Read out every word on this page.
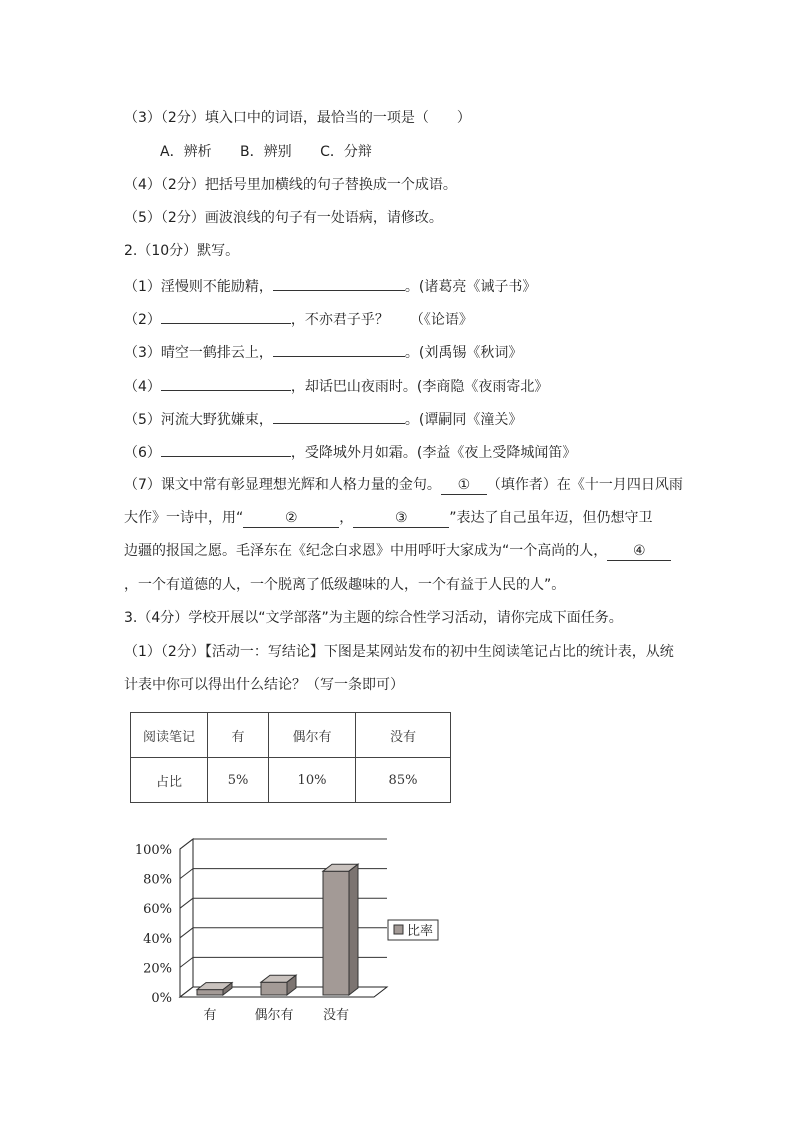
（3）（2分）填入口中的词语，最恰当的一项是（　　）
A．辨析 B．辨别 C．分辩
（4）（2分）把括号里加横线的句子替换成一个成语。
（5）（2分）画波浪线的句子有一处语病，请修改。
2.（10分）默写。
（1）淫慢则不能励精，	。(诸葛亮《诫子书》
（2）	，不亦君子乎？　　（《论语》
（3）晴空一鹤排云上，	。(刘禹锡《秋词》
（4）	，却话巴山夜雨时。(李商隐《夜雨寄北》
（5）河流大野犹嫌束，	。(谭嗣同《潼关》
（6）	，受降城外月如霜。(李益《夜上受降城闻笛》
（7）课文中常有彰显理想光辉和人格力量的金句。 ① （填作者）在《十一月四日风雨
大作》一诗中，用“	②	，	③	”表达了自己虽年迈，但仍想守卫
边疆的报国之愿。毛泽东在《纪念白求恩》中用呼吁大家成为“一个高尚的人， ④
，一个有道德的人，一个脱离了低级趣味的人，一个有益于人民的人”。
3.（4分）学校开展以“文学部落”为主题的综合性学习活动，请你完成下面任务。
（1）（2分）【活动一：写结论】下图是某网站发布的初中生阅读笔记占比的统计表，从统
计表中你可以得出什么结论？（写一条即可）
阅读笔记	有	偶尔有	没有
占比	5%	10%	85%
0%
20%
40%
60%
80%
100%
有	偶尔有 没有
比率
